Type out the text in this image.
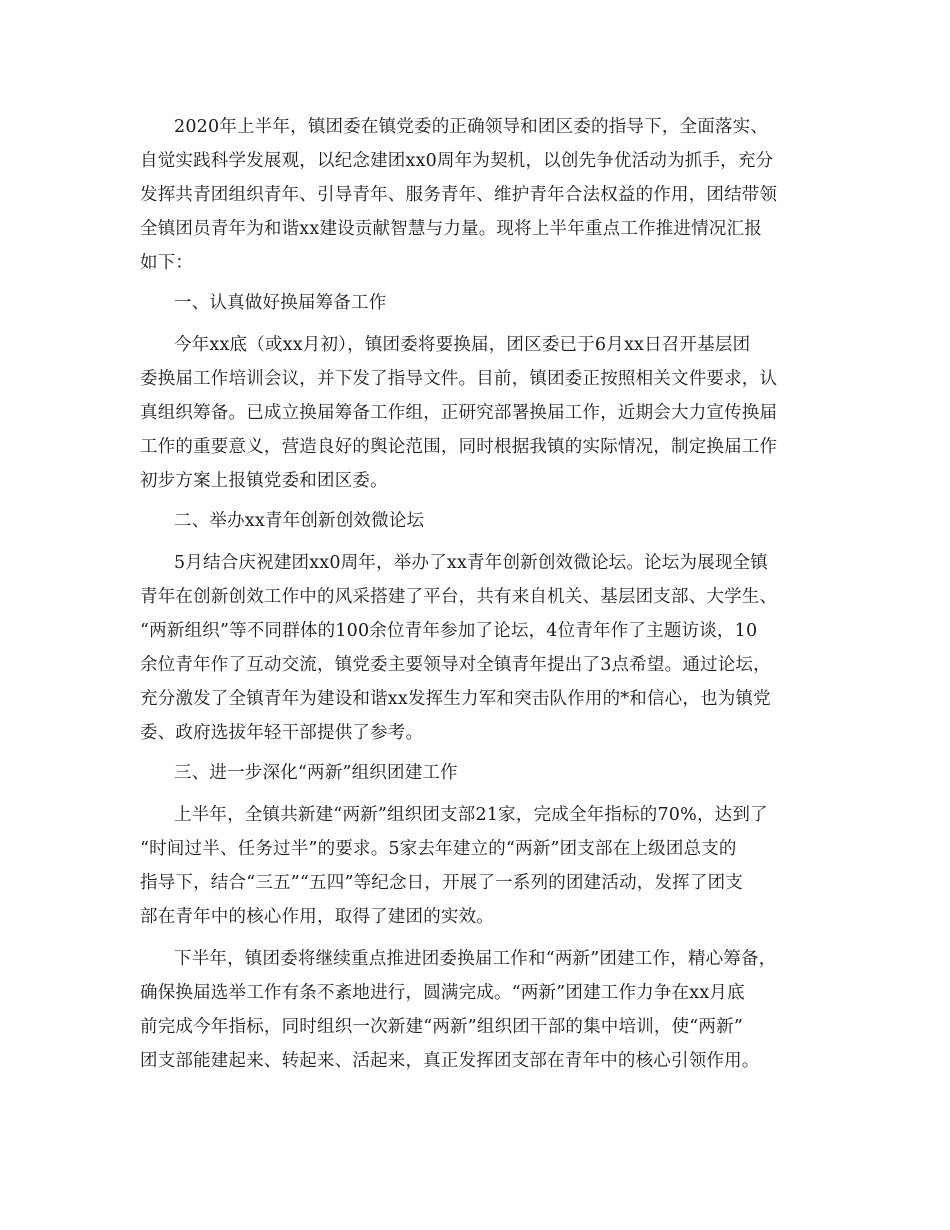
2020年上半年，镇团委在镇党委的正确领导和团区委的指导下，全面落实、
自觉实践科学发展观，以纪念建团xx0周年为契机，以创先争优活动为抓手，充分
发挥共青团组织青年、引导青年、服务青年、维护青年合法权益的作用，团结带领
全镇团员青年为和谐xx建设贡献智慧与力量。现将上半年重点工作推进情况汇报
如下：
一、认真做好换届筹备工作
今年xx底（或xx月初），镇团委将要换届，团区委已于6月xx日召开基层团
委换届工作培训会议，并下发了指导文件。目前，镇团委正按照相关文件要求，认
真组织筹备。已成立换届筹备工作组，正研究部署换届工作，近期会大力宣传换届
工作的重要意义，营造良好的舆论范围，同时根据我镇的实际情况，制定换届工作
初步方案上报镇党委和团区委。
二、举办xx青年创新创效微论坛
5月结合庆祝建团xx0周年，举办了xx青年创新创效微论坛。论坛为展现全镇
青年在创新创效工作中的风采搭建了平台，共有来自机关、基层团支部、大学生、
“两新组织”等不同群体的100余位青年参加了论坛，4位青年作了主题访谈，10
余位青年作了互动交流，镇党委主要领导对全镇青年提出了3点希望。通过论坛，
充分激发了全镇青年为建设和谐xx发挥生力军和突击队作用的*和信心，也为镇党
委、政府选拔年轻干部提供了参考。
三、进一步深化“两新”组织团建工作
上半年，全镇共新建“两新”组织团支部21家，完成全年指标的70%，达到了
“时间过半、任务过半”的要求。5家去年建立的“两新”团支部在上级团总支的
指导下，结合“三五”“五四”等纪念日，开展了一系列的团建活动，发挥了团支
部在青年中的核心作用，取得了建团的实效。
下半年，镇团委将继续重点推进团委换届工作和“两新”团建工作，精心筹备，
确保换届选举工作有条不紊地进行，圆满完成。“两新”团建工作力争在xx月底
前完成今年指标，同时组织一次新建“两新”组织团干部的集中培训，使“两新”
团支部能建起来、转起来、活起来，真正发挥团支部在青年中的核心引领作用。
